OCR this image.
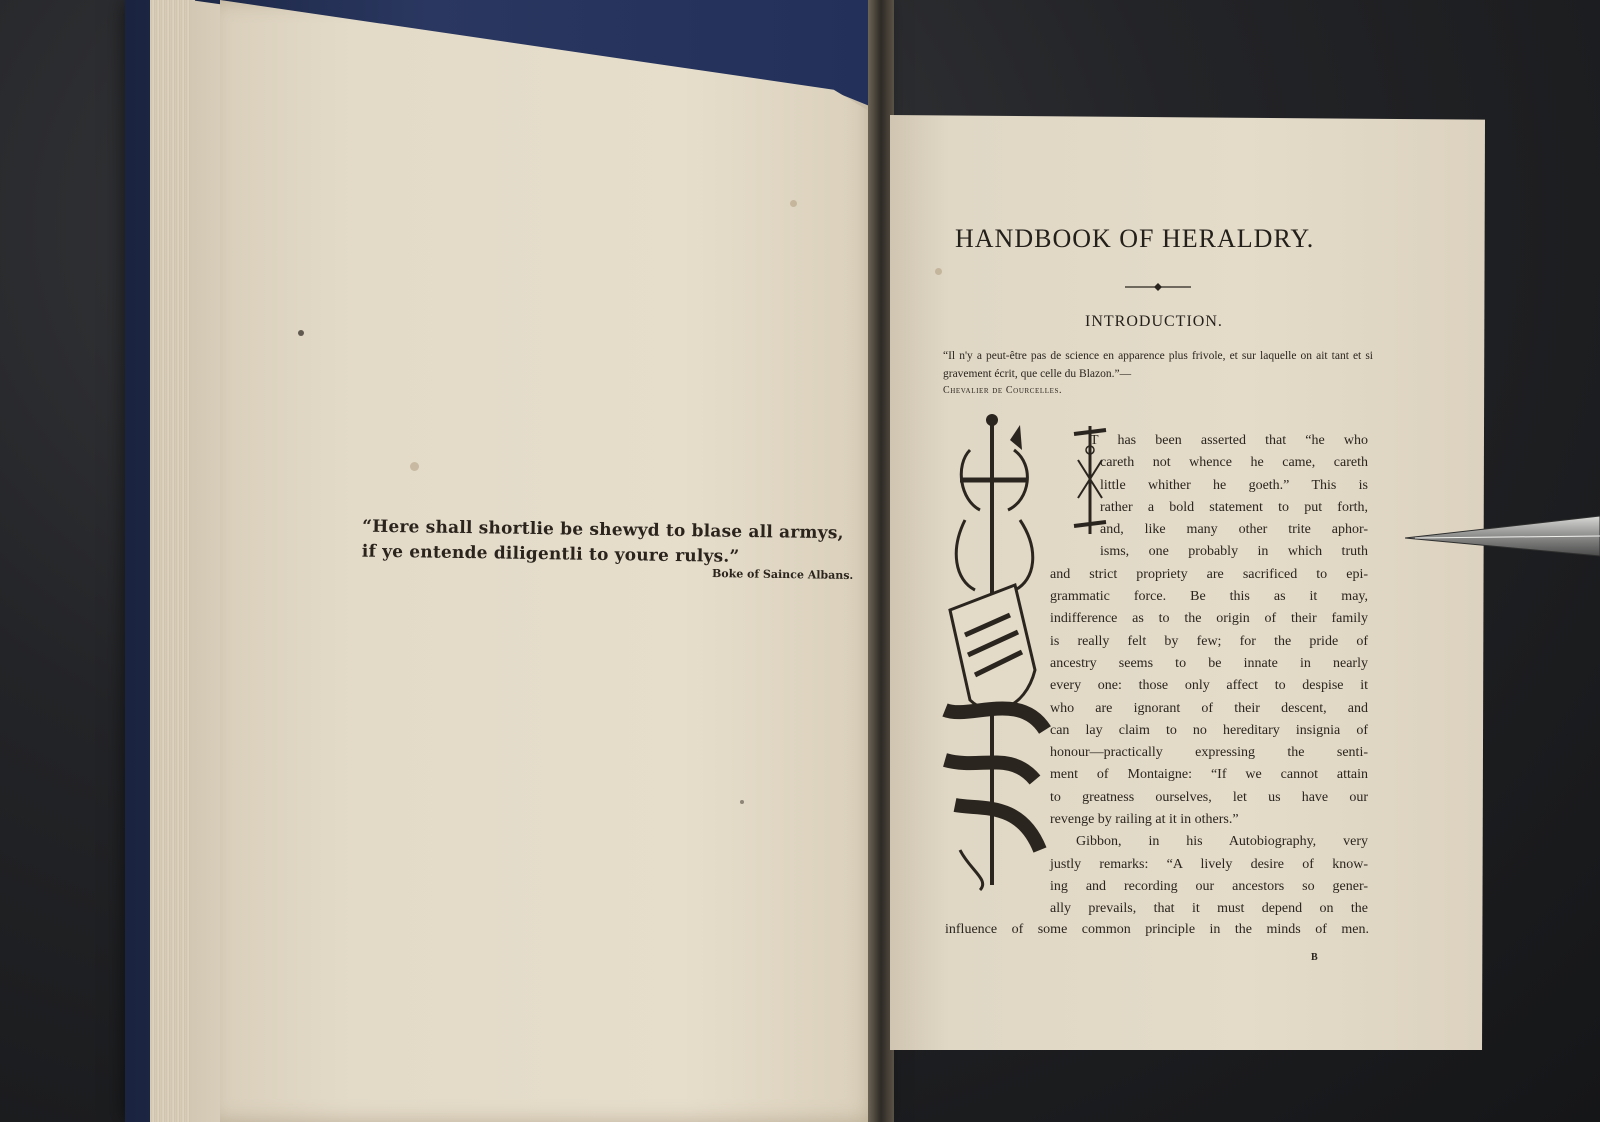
“Here shall shortlie be shewyd to blase all armys, if ye entende diligentli to youre rulys.”
Boke of Saince Albans.
HANDBOOK OF HERALDRY.
INTRODUCTION.
“Il n'y a peut-être pas de science en apparence plus frivole, et sur laquelle on ait tant et si gravement écrit, que celle du Blazon.”—
Chevalier de Courcelles.
T has been asserted that “he who
careth not whence he came, careth
little whither he goeth.” This is
rather a bold statement to put forth,
and, like many other trite aphor-
isms, one probably in which truth
and strict propriety are sacrificed to epi-
grammatic force. Be this as it may,
indifference as to the origin of their family
is really felt by few; for the pride of
ancestry seems to be innate in nearly
every one: those only affect to despise it
who are ignorant of their descent, and
can lay claim to no hereditary insignia of
honour—practically expressing the senti-
ment of Montaigne: “If we cannot attain
to greatness ourselves, let us have our
revenge by railing at it in others.”
Gibbon, in his Autobiography, very
justly remarks: “A lively desire of know-
ing and recording our ancestors so gener-
ally prevails, that it must depend on the
influence of some common principle in the minds of men.
B
